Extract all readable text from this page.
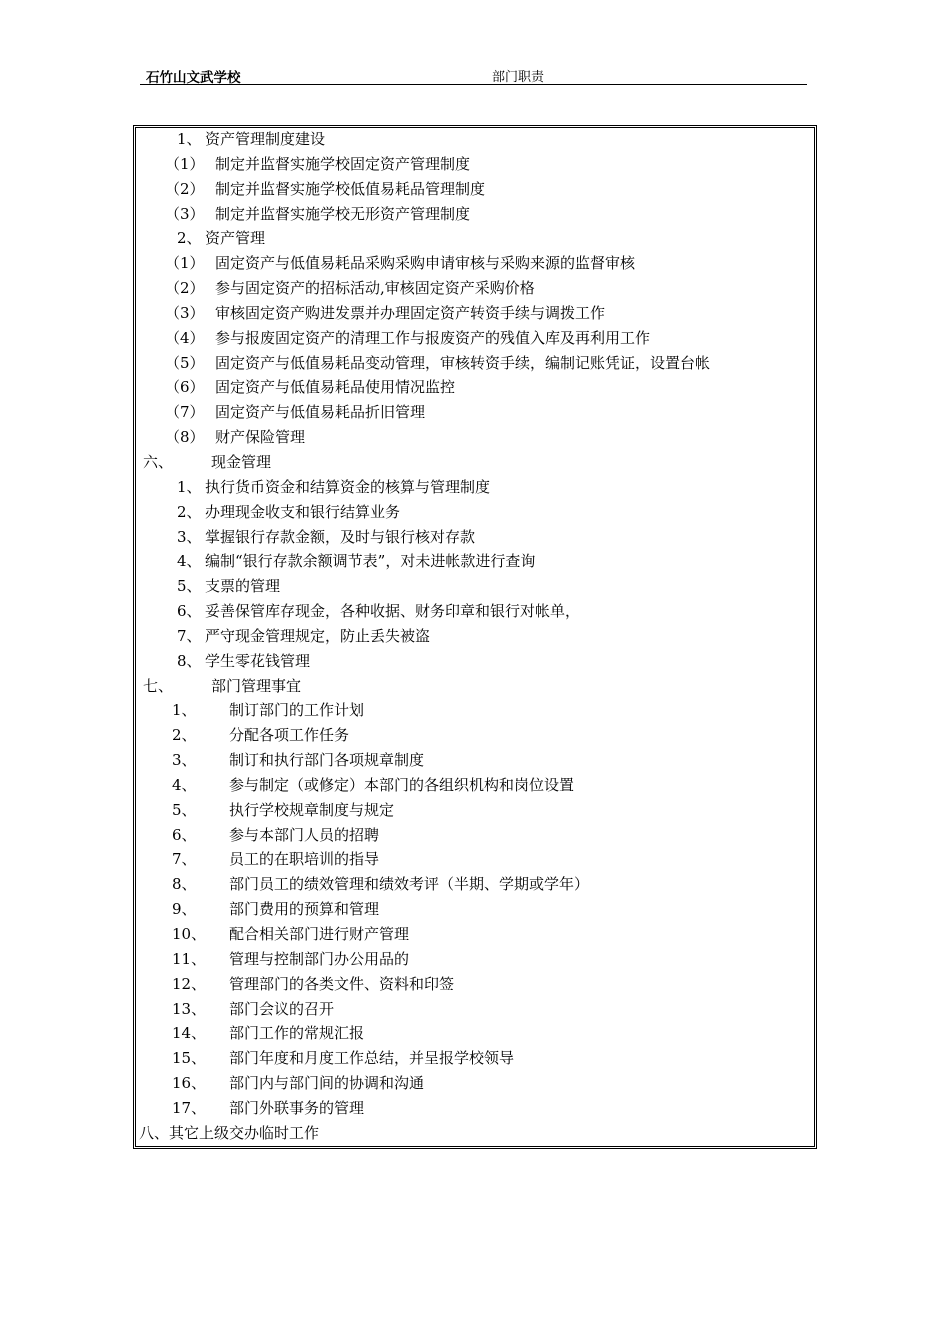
石竹山文武学校	部门职责
1、 资产管理制度建设
（1） 制定并监督实施学校固定资产管理制度
（2） 制定并监督实施学校低值易耗品管理制度
（3） 制定并监督实施学校无形资产管理制度
2、 资产管理
（1） 固定资产与低值易耗品采购采购申请审核与采购来源的监督审核
（2） 参与固定资产的招标活动,审核固定资产采购价格
（3） 审核固定资产购进发票并办理固定资产转资手续与调拨工作
（4） 参与报废固定资产的清理工作与报废资产的残值入库及再利用工作
（5） 固定资产与低值易耗品变动管理，审核转资手续，编制记账凭证，设置台帐
（6） 固定资产与低值易耗品使用情况监控
（7） 固定资产与低值易耗品折旧管理
（8） 财产保险管理
六、	现金管理
1、 执行货币资金和结算资金的核算与管理制度
2、 办理现金收支和银行结算业务
3、 掌握银行存款金额，及时与银行核对存款
4、 编制“银行存款余额调节表”，对未进帐款进行查询
5、 支票的管理
6、 妥善保管库存现金，各种收据、财务印章和银行对帐单，
7、 严守现金管理规定，防止丢失被盗
8、 学生零花钱管理
七、	部门管理事宜
1、 制订部门的工作计划
2、 分配各项工作任务
3、 制订和执行部门各项规章制度
4、 参与制定（或修定）本部门的各组织机构和岗位设置
5、 执行学校规章制度与规定
6、 参与本部门人员的招聘
7、 员工的在职培训的指导
8、 部门员工的绩效管理和绩效考评（半期、学期或学年）
9、 部门费用的预算和管理
10、 配合相关部门进行财产管理
11、 管理与控制部门办公用品的
12、 管理部门的各类文件、资料和印签
13、 部门会议的召开
14、 部门工作的常规汇报
15、 部门年度和月度工作总结，并呈报学校领导
16、 部门内与部门间的协调和沟通
17、 部门外联事务的管理
八、 其它上级交办临时工作
